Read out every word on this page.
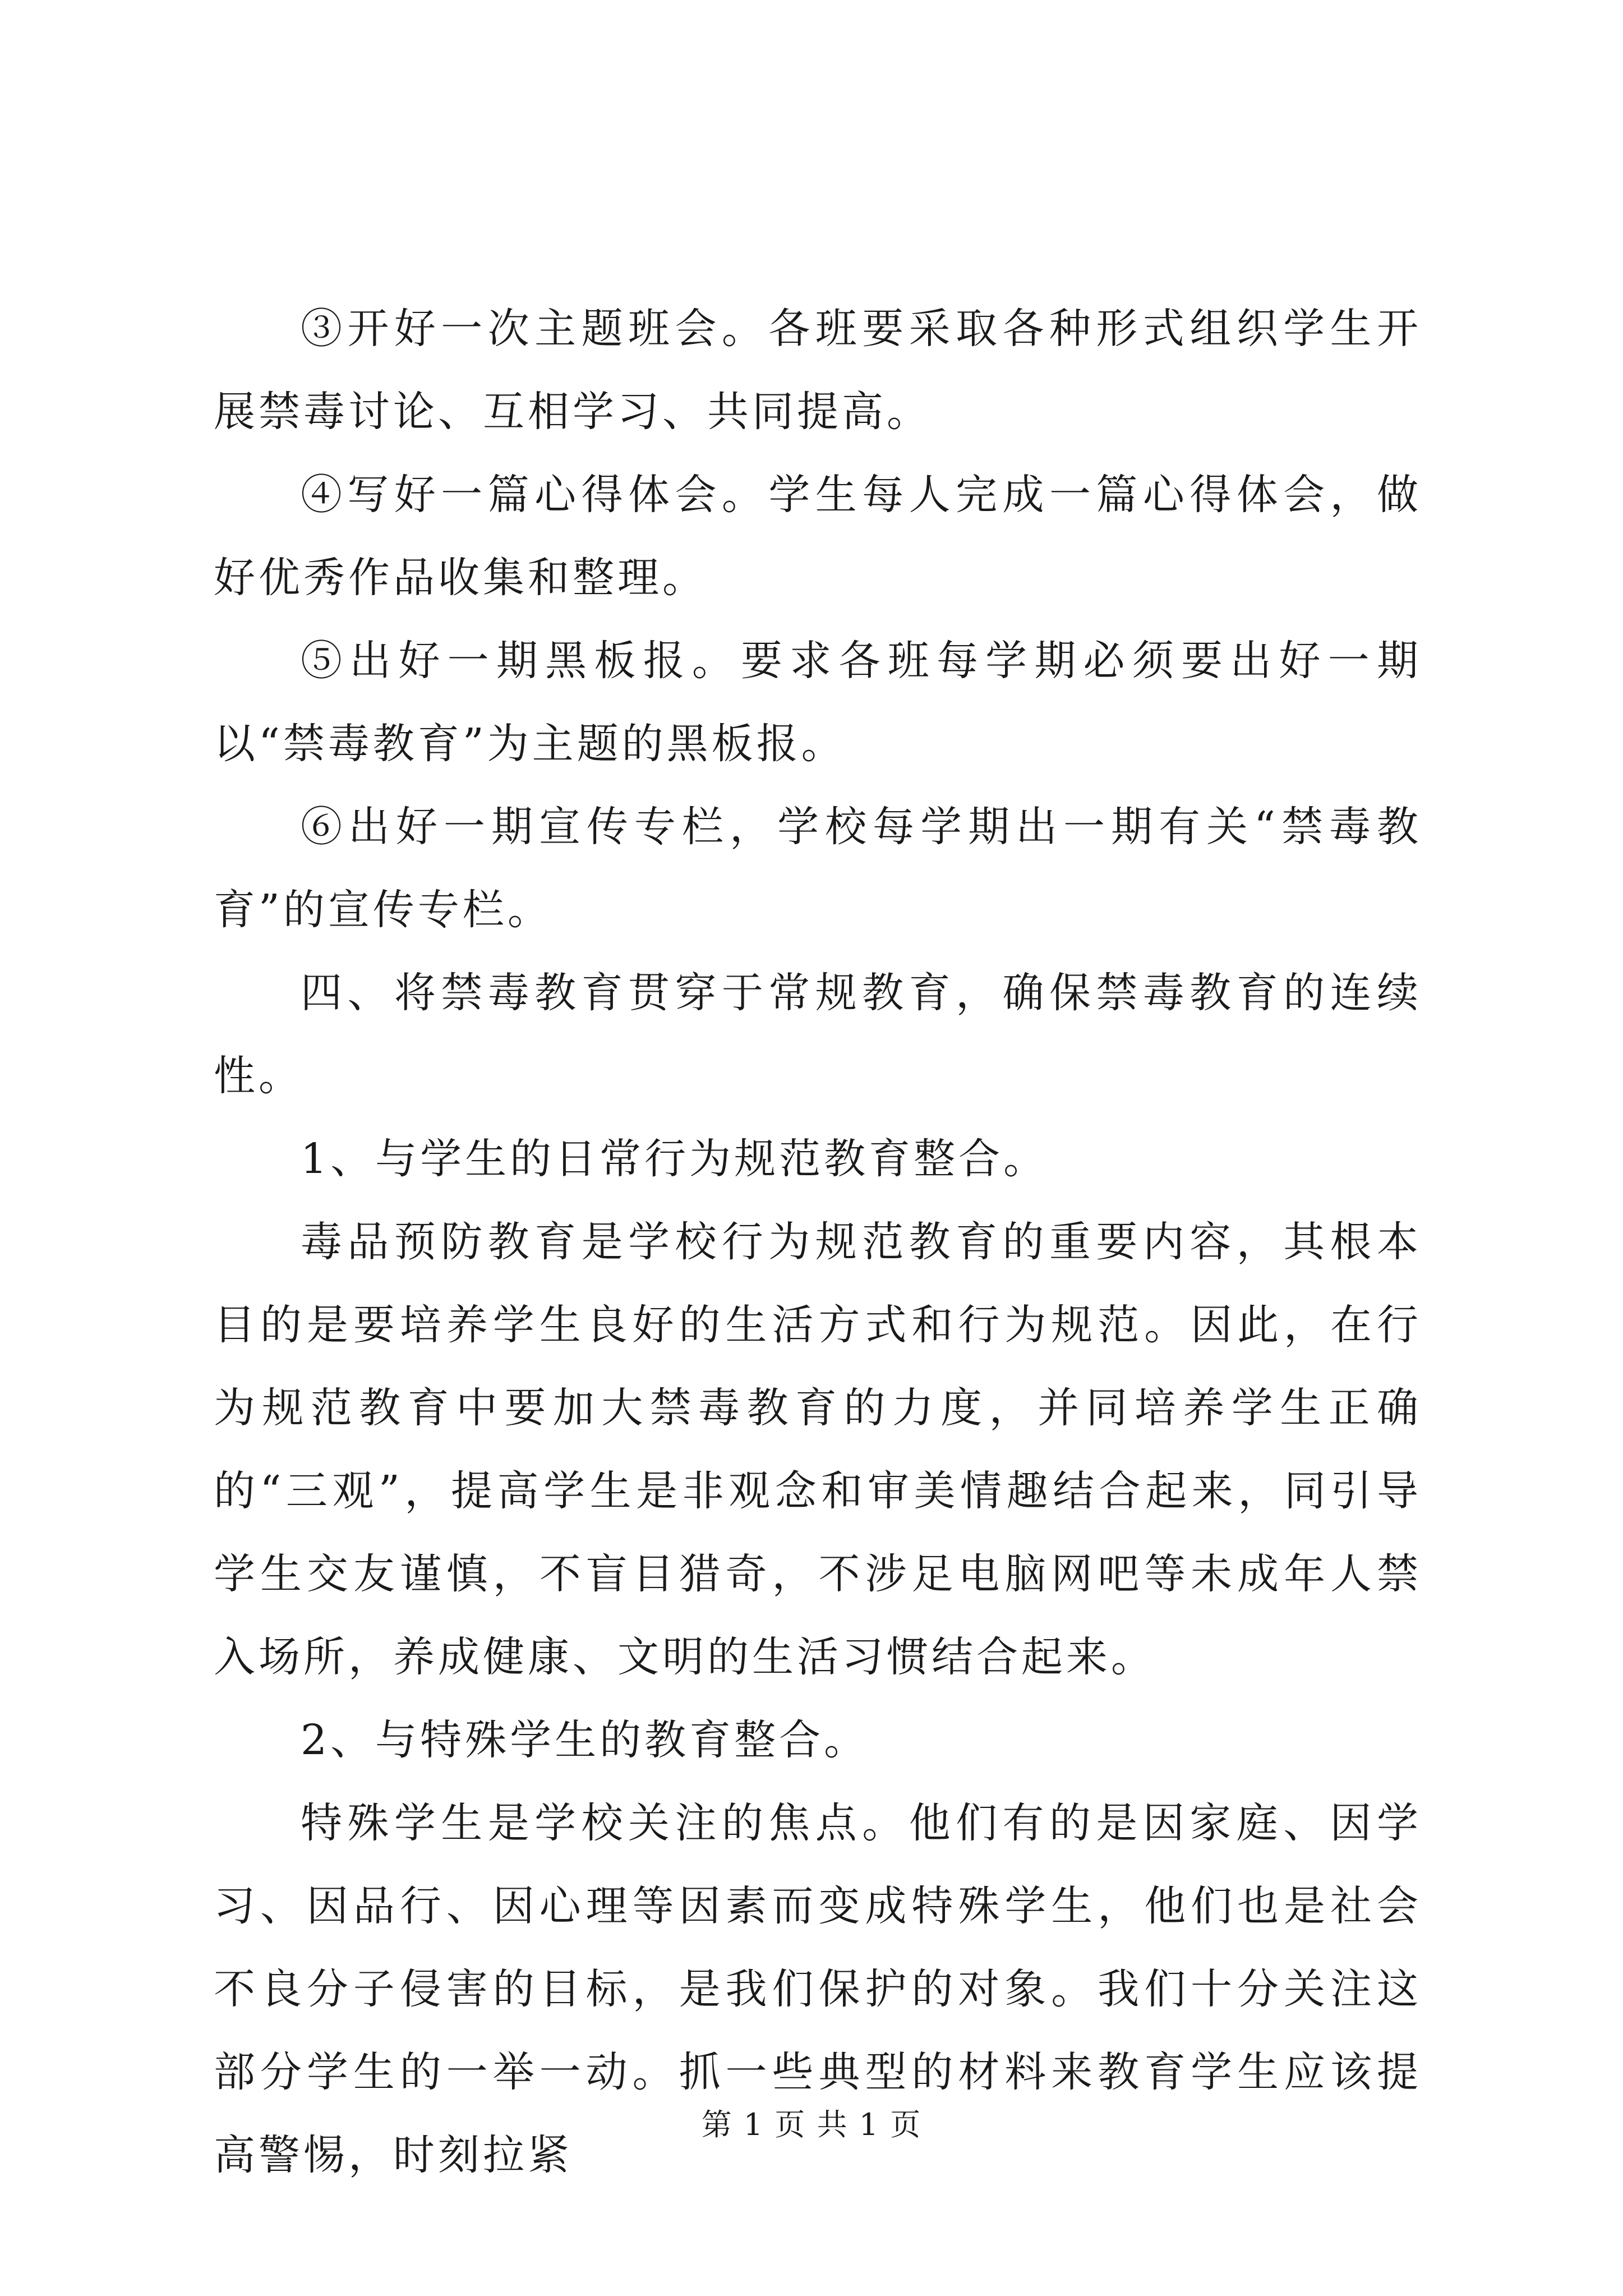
③开好一次主题班会。各班要采取各种形式组织学生开展禁毒讨论、互相学习、共同提高。

④写好一篇心得体会。学生每人完成一篇心得体会，做好优秀作品收集和整理。

⑤出好一期黑板报。要求各班每学期必须要出好一期以“禁毒教育”为主题的黑板报。

⑥出好一期宣传专栏，学校每学期出一期有关“禁毒教育”的宣传专栏。

四、将禁毒教育贯穿于常规教育，确保禁毒教育的连续性。

1、与学生的日常行为规范教育整合。

毒品预防教育是学校行为规范教育的重要内容，其根本目的是要培养学生良好的生活方式和行为规范。因此，在行为规范教育中要加大禁毒教育的力度，并同培养学生正确的“三观”，提高学生是非观念和审美情趣结合起来，同引导学生交友谨慎，不盲目猎奇，不涉足电脑网吧等未成年人禁入场所，养成健康、文明的生活习惯结合起来。

2、与特殊学生的教育整合。

特殊学生是学校关注的焦点。他们有的是因家庭、因学习、因品行、因心理等因素而变成特殊学生，他们也是社会不良分子侵害的目标，是我们保护的对象。我们十分关注这部分学生的一举一动。抓一些典型的材料来教育学生应该提高警惕，时刻拉紧

第 1 页 共 1 页
